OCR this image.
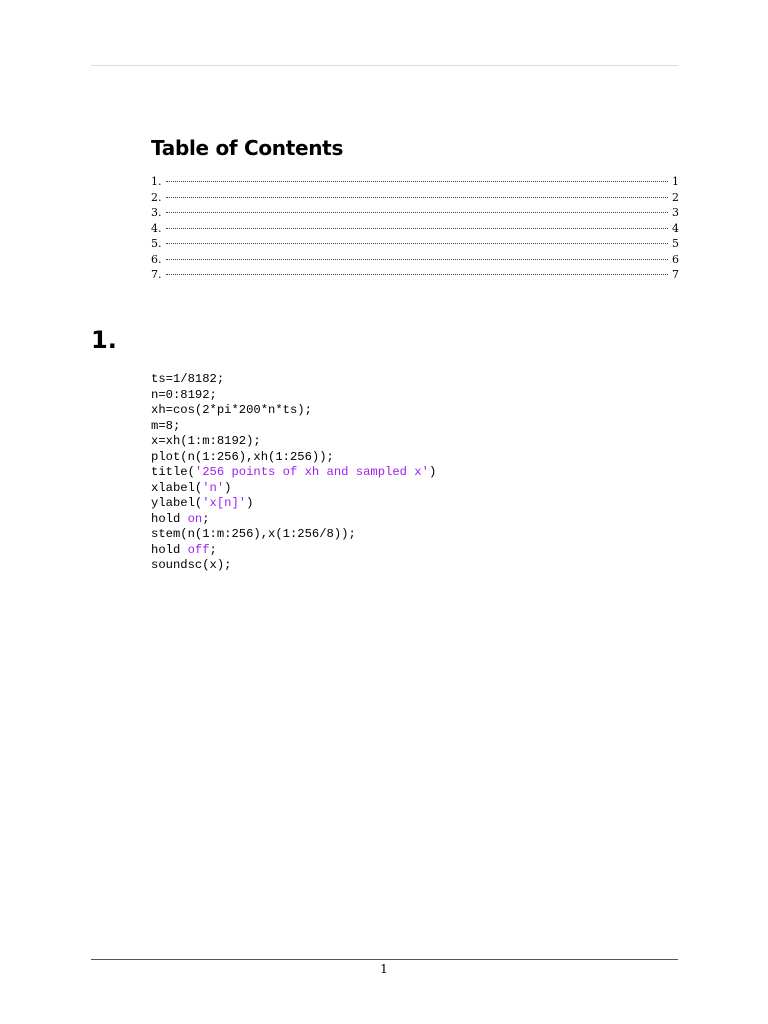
Table of Contents
1.	1
2.	2
3.	3
4.	4
5.	5
6.	6
7.	7
1.
ts=1/8182;
n=0:8192;
xh=cos(2*pi*200*n*ts);
m=8;
x=xh(1:m:8192);
plot(n(1:256),xh(1:256));
title('256 points of xh and sampled x')
xlabel('n')
ylabel('x[n]')
hold on;
stem(n(1:m:256),x(1:256/8));
hold off;
soundsc(x);
1
